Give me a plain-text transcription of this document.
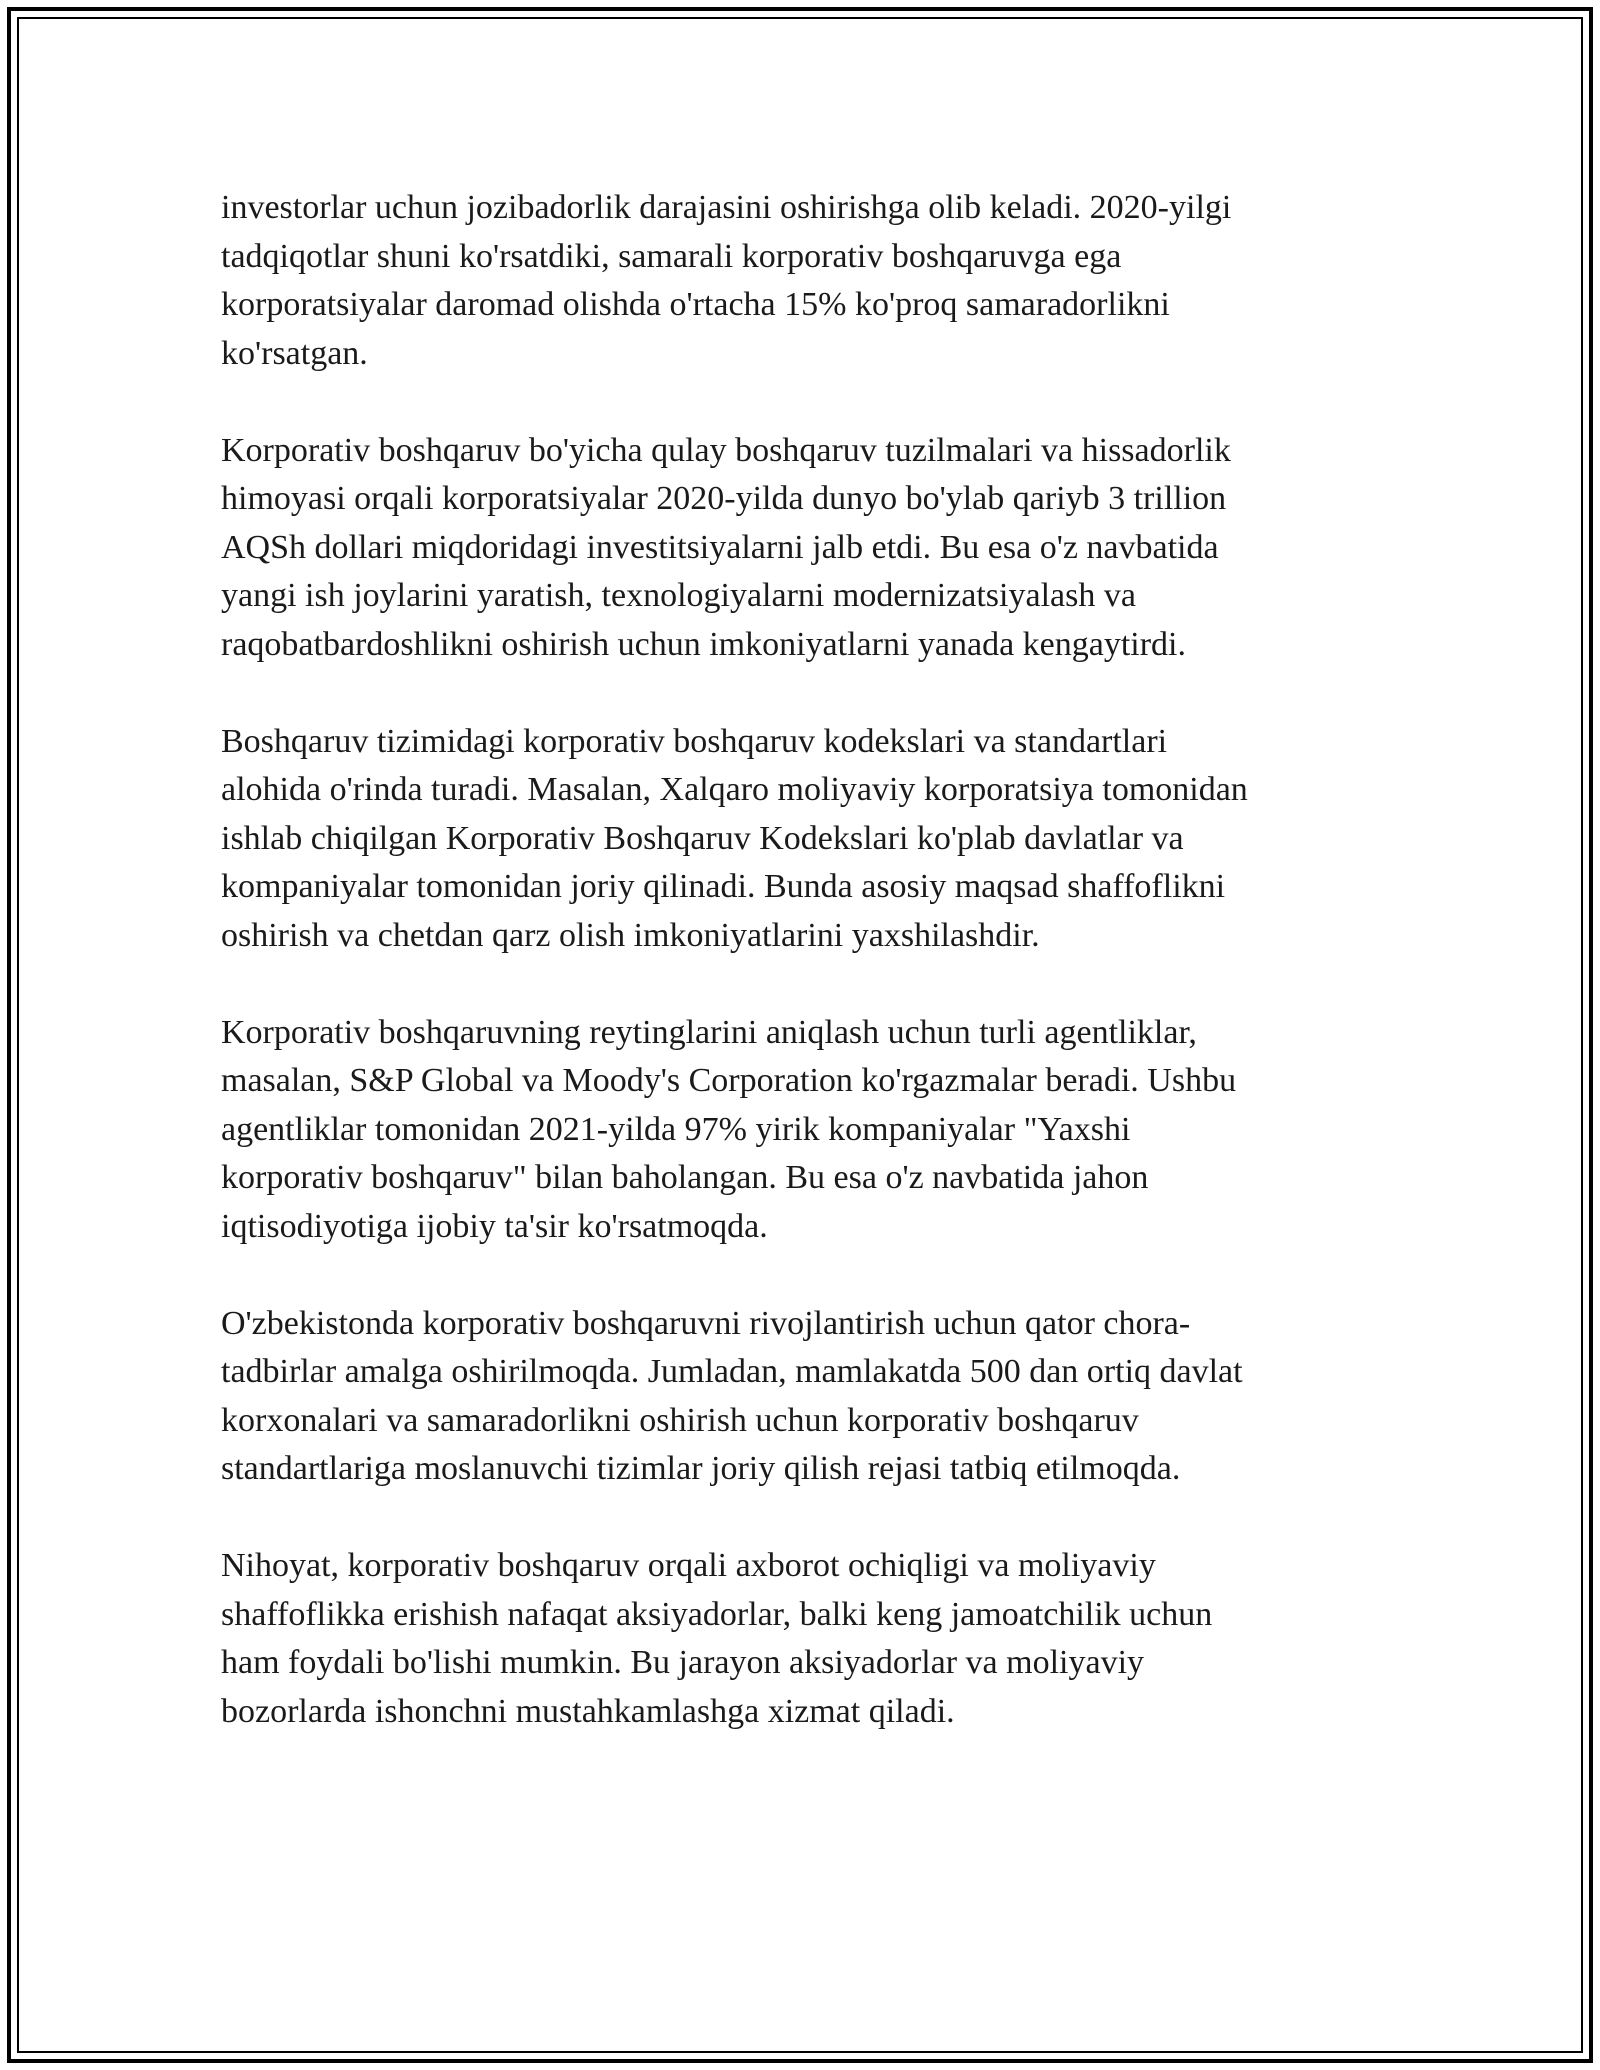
investorlar uchun jozibadorlik darajasini oshirishga olib keladi. 2020-yilgi
tadqiqotlar shuni ko'rsatdiki, samarali korporativ boshqaruvga ega
korporatsiyalar daromad olishda o'rtacha 15% ko'proq samaradorlikni
ko'rsatgan.

Korporativ boshqaruv bo'yicha qulay boshqaruv tuzilmalari va hissadorlik
himoyasi orqali korporatsiyalar 2020-yilda dunyo bo'ylab qariyb 3 trillion
AQSh dollari miqdoridagi investitsiyalarni jalb etdi. Bu esa o'z navbatida
yangi ish joylarini yaratish, texnologiyalarni modernizatsiyalash va
raqobatbardoshlikni oshirish uchun imkoniyatlarni yanada kengaytirdi.

Boshqaruv tizimidagi korporativ boshqaruv kodekslari va standartlari
alohida o'rinda turadi. Masalan, Xalqaro moliyaviy korporatsiya tomonidan
ishlab chiqilgan Korporativ Boshqaruv Kodekslari ko'plab davlatlar va
kompaniyalar tomonidan joriy qilinadi. Bunda asosiy maqsad shaffoflikni
oshirish va chetdan qarz olish imkoniyatlarini yaxshilashdir.

Korporativ boshqaruvning reytinglarini aniqlash uchun turli agentliklar,
masalan, S&P Global va Moody's Corporation ko'rgazmalar beradi. Ushbu
agentliklar tomonidan 2021-yilda 97% yirik kompaniyalar "Yaxshi
korporativ boshqaruv" bilan baholangan. Bu esa o'z navbatida jahon
iqtisodiyotiga ijobiy ta'sir ko'rsatmoqda.

O'zbekistonda korporativ boshqaruvni rivojlantirish uchun qator chora-
tadbirlar amalga oshirilmoqda. Jumladan, mamlakatda 500 dan ortiq davlat
korxonalari va samaradorlikni oshirish uchun korporativ boshqaruv
standartlariga moslanuvchi tizimlar joriy qilish rejasi tatbiq etilmoqda.

Nihoyat, korporativ boshqaruv orqali axborot ochiqligi va moliyaviy
shaffoflikka erishish nafaqat aksiyadorlar, balki keng jamoatchilik uchun
ham foydali bo'lishi mumkin. Bu jarayon aksiyadorlar va moliyaviy
bozorlarda ishonchni mustahkamlashga xizmat qiladi.
